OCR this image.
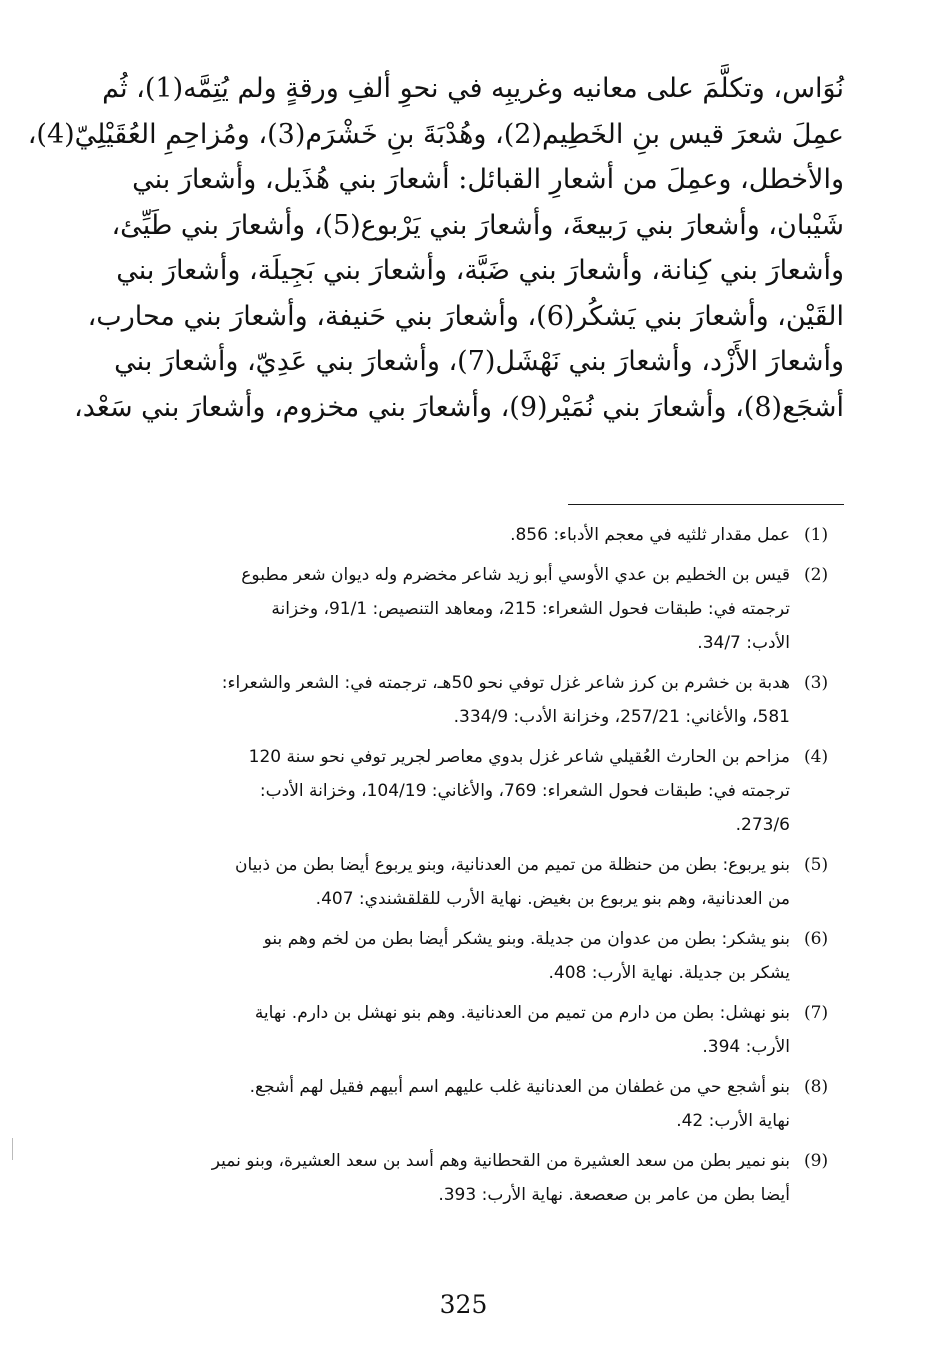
نُوَاس، وتكلَّمَ على معانيه وغريبِه في نحوِ ألفِ ورقةٍ ولم يُتِمَّه(1)، ثُم
عمِلَ شعرَ قيس بنِ الخَطِيم(2)، وهُدْبَةَ بنِ خَشْرَم(3)، ومُزاحِمِ العُقَيْلِيّ(4)،
والأخطل، وعمِلَ من أشعارِ القبائل: أشعارَ بني هُذَيل، وأشعارَ بني
شَيْبان، وأشعارَ بني رَبيعةَ، وأشعارَ بني يَرْبوع(5)، وأشعارَ بني طَيِّئ،
وأشعارَ بني كِنانة، وأشعارَ بني ضَبَّة، وأشعارَ بني بَجِيلَة، وأشعارَ بني
القَيْن، وأشعارَ بني يَشكُر(6)، وأشعارَ بني حَنيفة، وأشعارَ بني محارب،
وأشعارَ الأَزْد، وأشعارَ بني نَهْشَل(7)، وأشعارَ بني عَدِيّ، وأشعارَ بني
أشجَع(8)، وأشعارَ بني نُمَيْر(9)، وأشعارَ بني مخزوم، وأشعارَ بني سَعْد،
(1)
عمل مقدار ثلثيه في معجم الأدباء: 856.
(2)
قيس بن الخطيم بن عدي الأوسي أبو زيد شاعر مخضرم وله ديوان شعر مطبوع
ترجمته في: طبقات فحول الشعراء: 215، ومعاهد التنصيص: 91/1، وخزانة
الأدب: 34/7.
(3)
هدبة بن خشرم بن كرز شاعر غزل توفي نحو 50هـ، ترجمته في: الشعر والشعراء:
581، والأغاني: 257/21، وخزانة الأدب: 334/9.
(4)
مزاحم بن الحارث العُقيلي شاعر غزل بدوي معاصر لجرير توفي نحو سنة 120
ترجمته في: طبقات فحول الشعراء: 769، والأغاني: 104/19، وخزانة الأدب:
273/6.
(5)
بنو يربوع: بطن من حنظلة من تميم من العدنانية، وبنو يربوع أيضا بطن من ذبيان
من العدنانية، وهم بنو يربوع بن بغيض. نهاية الأرب للقلقشندي: 407.
(6)
بنو يشكر: بطن من عدوان من جديلة. وبنو يشكر أيضا بطن من لخم وهم بنو
يشكر بن جديلة. نهاية الأرب: 408.
(7)
بنو نهشل: بطن من دارم من تميم من العدنانية. وهم بنو نهشل بن دارم. نهاية
الأرب: 394.
(8)
بنو أشجع حي من غطفان من العدنانية غلب عليهم اسم أبيهم فقيل لهم أشجع.
نهاية الأرب: 42.
(9)
بنو نمير بطن من سعد العشيرة من القحطانية وهم أسد بن سعد العشيرة، وبنو نمير
أيضا بطن من عامر بن صعصعة. نهاية الأرب: 393.
325
